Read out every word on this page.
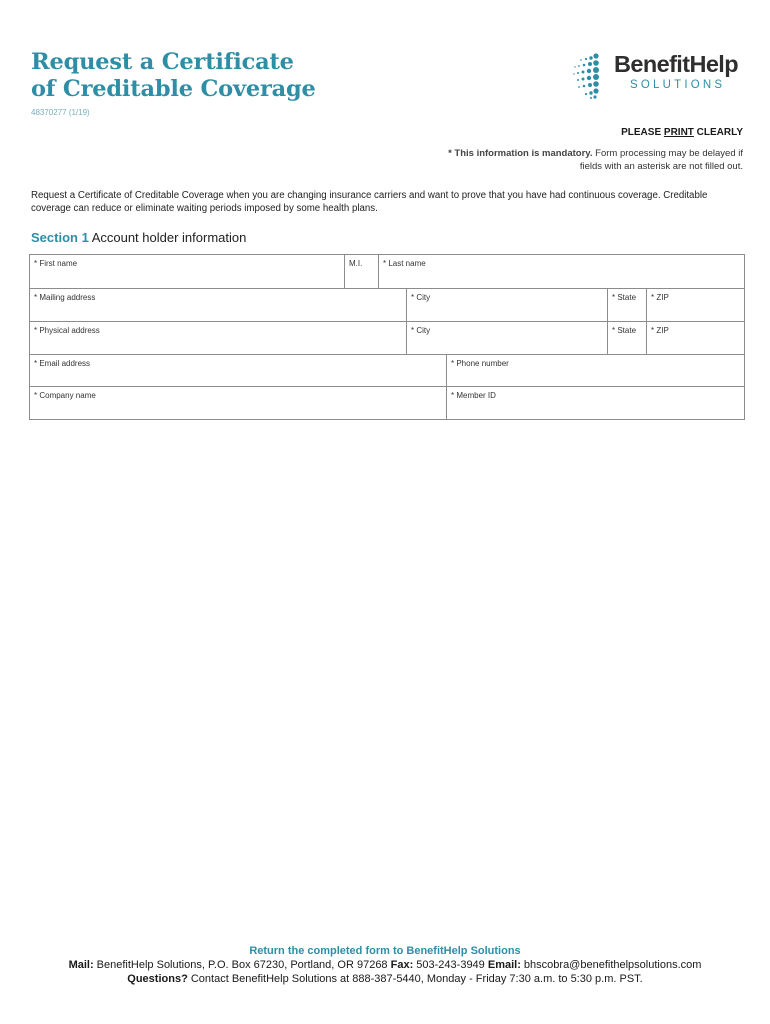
Request a Certificate
of Creditable Coverage
48370277 (1/19)
BenefitHelp
SOLUTIONS
PLEASE PRINT CLEARLY
* This information is mandatory. Form processing may be delayed if
fields with an asterisk are not filled out.
Request a Certificate of Creditable Coverage when you are changing insurance carriers and want to prove that you have had continuous coverage. Creditable coverage can reduce or eliminate waiting periods imposed by some health plans.
Section 1 Account holder information
* First name	M.I.	* Last name
* Mailing address	* City	* State * ZIP
* Physical address	* City	* State * ZIP
* Email address	* Phone number
* Company name	* Member ID
Return the completed form to BenefitHelp Solutions
Mail: BenefitHelp Solutions, P.O. Box 67230, Portland, OR 97268 Fax: 503-243-3949 Email: bhscobra@benefithelpsolutions.com
Questions? Contact BenefitHelp Solutions at 888-387-5440, Monday - Friday 7:30 a.m. to 5:30 p.m. PST.
